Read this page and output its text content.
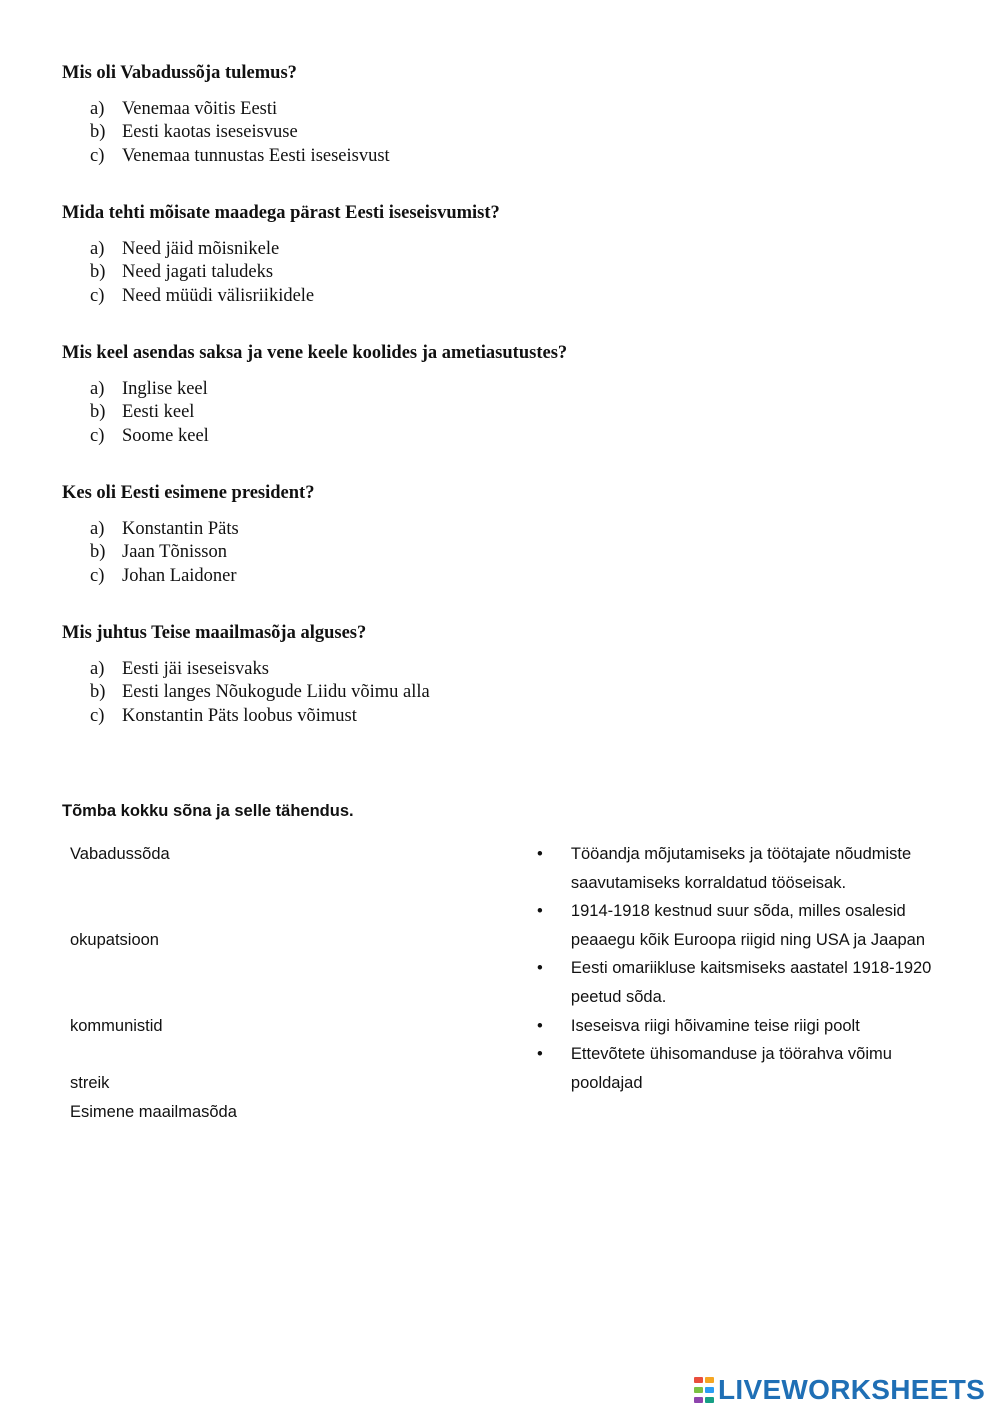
Mis oli Vabadussõja tulemus?

a) Venemaa võitis Eesti
b) Eesti kaotas iseseisvuse
c) Venemaa tunnustas Eesti iseseisvust

Mida tehti mõisate maadega pärast Eesti iseseisvumist?

a) Need jäid mõisnikele
b) Need jagati taludeks
c) Need müüdi välisriikidele

Mis keel asendas saksa ja vene keele koolides ja ametiasutustes?

a) Inglise keel
b) Eesti keel
c) Soome keel

Kes oli Eesti esimene president?

a) Konstantin Päts
b) Jaan Tõnisson
c) Johan Laidoner

Mis juhtus Teise maailmasõja alguses?

a) Eesti jäi iseseisvaks
b) Eesti langes Nõukogude Liidu võimu alla
c) Konstantin Päts loobus võimust

Tõmba kokku sõna ja selle tähendus.

Vabadussõda
okupatsioon
kommunistid
streik
Esimene maailmasõda
•	Tööandja mõjutamiseks ja töötajate nõudmiste saavutamiseks korraldatud tööseisak.
•	1914-1918 kestnud suur sõda, milles osalesid peaaegu kõik Euroopa riigid ning USA ja Jaapan
•	Eesti omariikluse kaitsmiseks aastatel 1918-1920 peetud sõda.
•	Iseseisva riigi hõivamine teise riigi poolt
•	Ettevõtete ühisomanduse ja töörahva võimu pooldajad
LIVEWORKSHEETS
